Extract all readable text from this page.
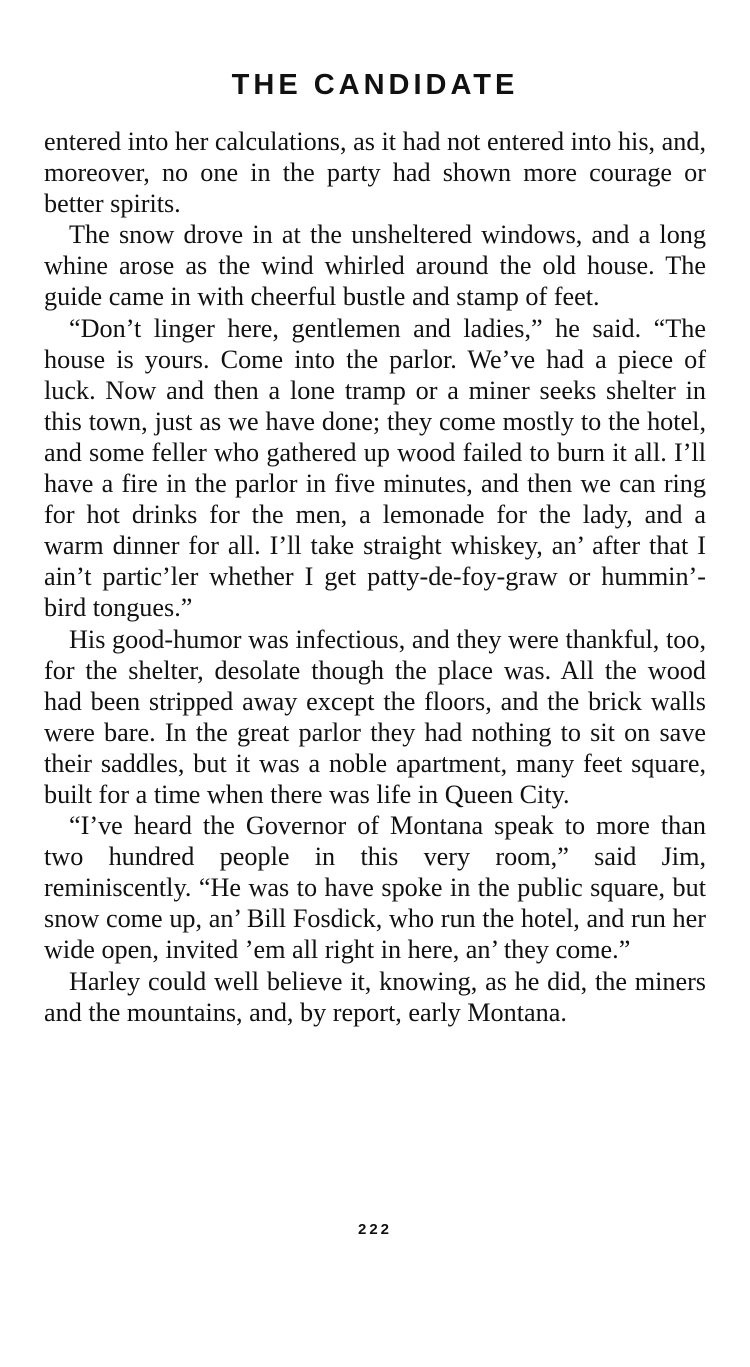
THE CANDIDATE

entered into her calculations, as it had not entered into his, and, moreover, no one in the party had shown more courage or better spirits.

The snow drove in at the unsheltered windows, and a long whine arose as the wind whirled around the old house. The guide came in with cheerful bustle and stamp of feet.

“Don’t linger here, gentlemen and ladies,” he said. “The house is yours. Come into the parlor. We’ve had a piece of luck. Now and then a lone tramp or a miner seeks shelter in this town, just as we have done; they come mostly to the hotel, and some feller who gathered up wood failed to burn it all. I’ll have a fire in the parlor in five minutes, and then we can ring for hot drinks for the men, a lemonade for the lady, and a warm dinner for all. I’ll take straight whiskey, an’ after that I ain’t partic’ler whether I get patty-de-foy-graw or hummin’-bird tongues.”

His good-humor was infectious, and they were thankful, too, for the shelter, desolate though the place was. All the wood had been stripped away except the floors, and the brick walls were bare. In the great parlor they had nothing to sit on save their saddles, but it was a noble apartment, many feet square, built for a time when there was life in Queen City.

“I’ve heard the Governor of Montana speak to more than two hundred people in this very room,” said Jim, reminiscently. “He was to have spoke in the public square, but snow come up, an’ Bill Fosdick, who run the hotel, and run her wide open, invited ’em all right in here, an’ they come.”

Harley could well believe it, knowing, as he did, the miners and the mountains, and, by report, early Montana.

222
